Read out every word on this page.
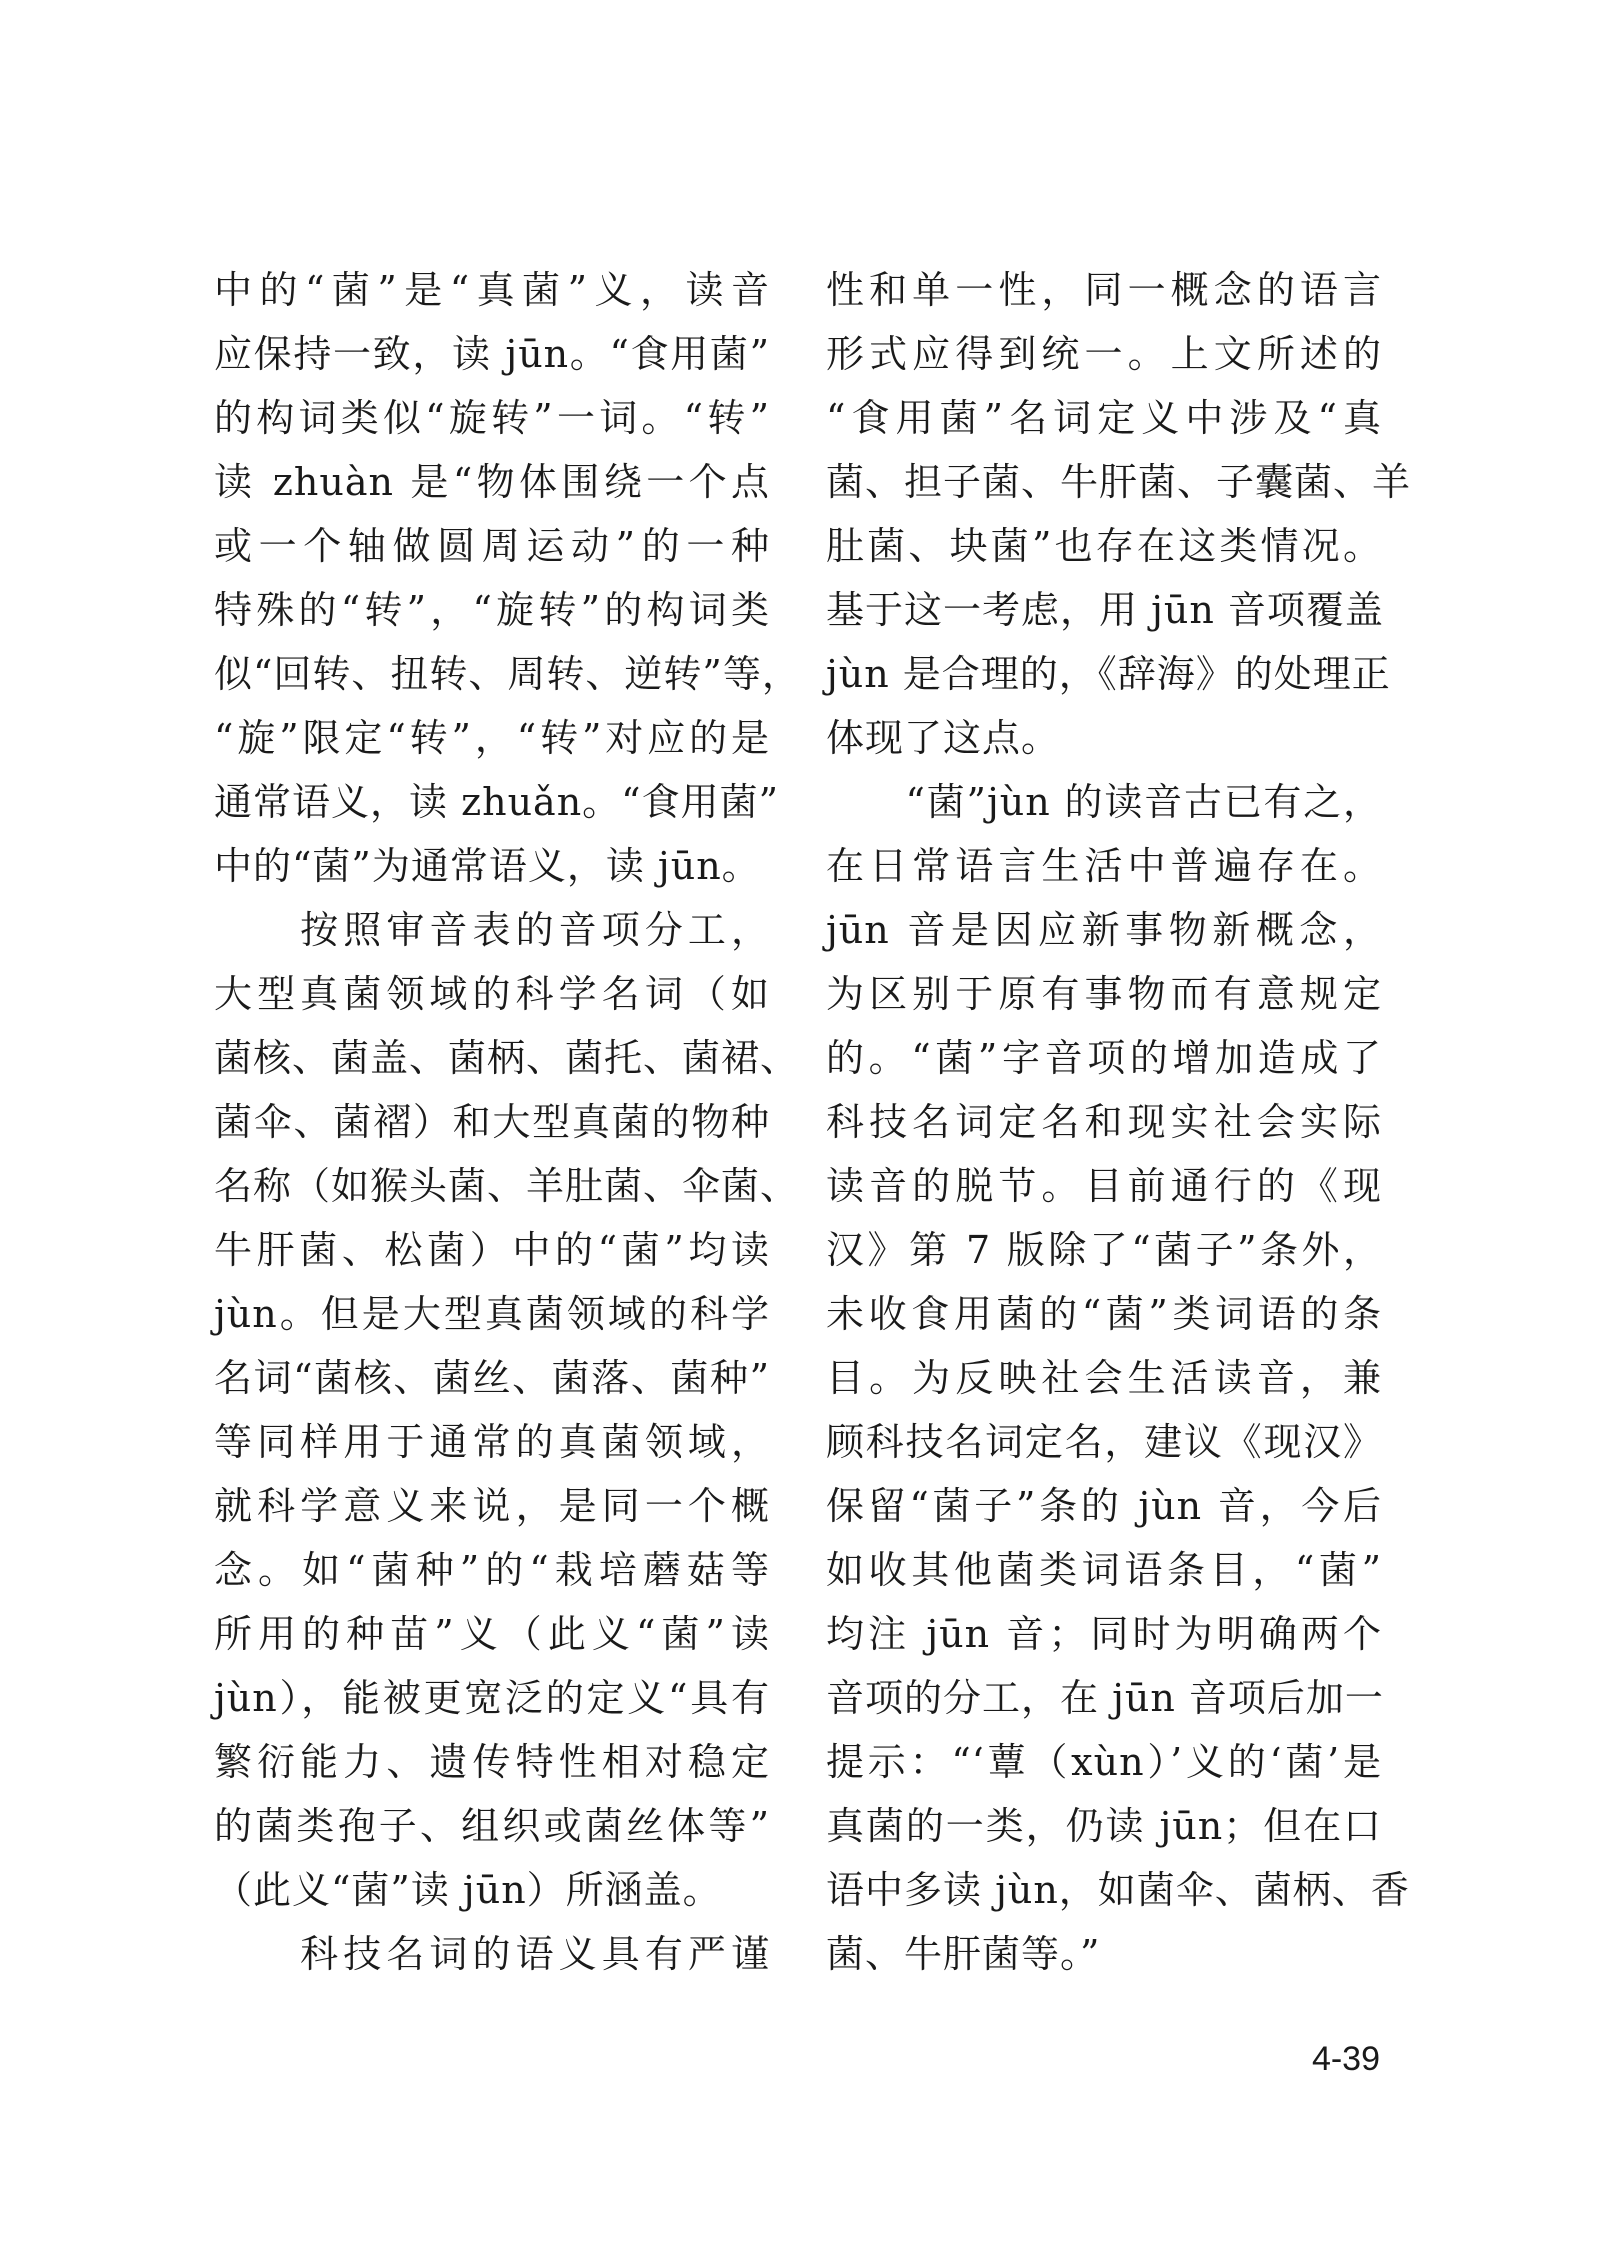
中的“菌”是“真菌”义，读音
应保持一致，读 jūn。“食用菌”
的构词类似“旋转”一词。“转”
读 zhuàn 是“物体围绕一个点
或一个轴做圆周运动”的一种
特殊的“转”，“旋转”的构词类
似“回转、扭转、周转、逆转”等，
“旋”限定“转”，“转”对应的是
通常语义，读 zhuǎn。“食用菌”
中的“菌”为通常语义，读 jūn。
　　按照审音表的音项分工，
大型真菌领域的科学名词（如
菌核、菌盖、菌柄、菌托、菌裙、
菌伞、菌褶）和大型真菌的物种
名称（如猴头菌、羊肚菌、伞菌、
牛肝菌、松菌）中的“菌”均读
jùn。但是大型真菌领域的科学
名词“菌核、菌丝、菌落、菌种”
等同样用于通常的真菌领域，
就科学意义来说，是同一个概
念。如“菌种”的“栽培蘑菇等
所用的种苗”义（此义“菌”读
jùn），能被更宽泛的定义“具有
繁衍能力、遗传特性相对稳定
的菌类孢子、组织或菌丝体等”
（此义“菌”读 jūn）所涵盖。
　　科技名词的语义具有严谨
性和单一性，同一概念的语言
形式应得到统一。上文所述的
“食用菌”名词定义中涉及“真
菌、担子菌、牛肝菌、子囊菌、羊
肚菌、块菌”也存在这类情况。
基于这一考虑，用 jūn 音项覆盖
jùn 是合理的，《辞海》的处理正
体现了这点。
　　“菌”jùn 的读音古已有之，
在日常语言生活中普遍存在。
jūn 音是因应新事物新概念，
为区别于原有事物而有意规定
的。“菌”字音项的增加造成了
科技名词定名和现实社会实际
读音的脱节。目前通行的《现
汉》第 7 版除了“菌子”条外，
未收食用菌的“菌”类词语的条
目。为反映社会生活读音，兼
顾科技名词定名，建议《现汉》
保留“菌子”条的 jùn 音，今后
如收其他菌类词语条目，“菌”
均注 jūn 音；同时为明确两个
音项的分工，在 jūn 音项后加一
提示：“‘蕈（xùn）’义的‘菌’是
真菌的一类，仍读 jūn；但在口
语中多读 jùn，如菌伞、菌柄、香
菌、牛肝菌等。”
4-39
